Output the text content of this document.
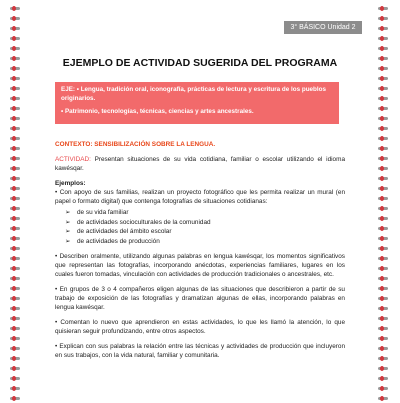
3° BÁSICO Unidad 2
EJEMPLO DE ACTIVIDAD SUGERIDA DEL PROGRAMA

EJE: • Lengua, tradición oral, iconografía, prácticas de lectura y escritura de los pueblos originarios.

• Patrimonio, tecnologías, técnicas, ciencias y artes ancestrales.

CONTEXTO: SENSIBILIZACIÓN SOBRE LA LENGUA.

ACTIVIDAD: Presentan situaciones de su vida cotidiana, familiar o escolar utilizando el idioma kawésqar.

Ejemplos:

• Con apoyo de sus familias, realizan un proyecto fotográfico que les permita realizar un mural (en papel o formato digital) que contenga fotografías de situaciones cotidianas:

➢ de su vida familiar
➢ de actividades socioculturales de la comunidad
➢ de actividades del ámbito escolar
➢ de actividades de producción

• Describen oralmente, utilizando algunas palabras en lengua kawésqar, los momentos significativos que representan las fotografías, incorporando anécdotas, experiencias familiares, lugares en los cuales fueron tomadas, vinculación con actividades de producción tradicionales o ancestrales, etc.

• En grupos de 3 o 4 compañeros eligen algunas de las situaciones que describieron a partir de su trabajo de exposición de las fotografías y dramatizan algunas de ellas, incorporando palabras en lengua kawésqar.

• Comentan lo nuevo que aprendieron en estas actividades, lo que les llamó la atención, lo que quisieran seguir profundizando, entre otros aspectos.

• Explican con sus palabras la relación entre las técnicas y actividades de producción que incluyeron en sus trabajos, con la vida natural, familiar y comunitaria.
